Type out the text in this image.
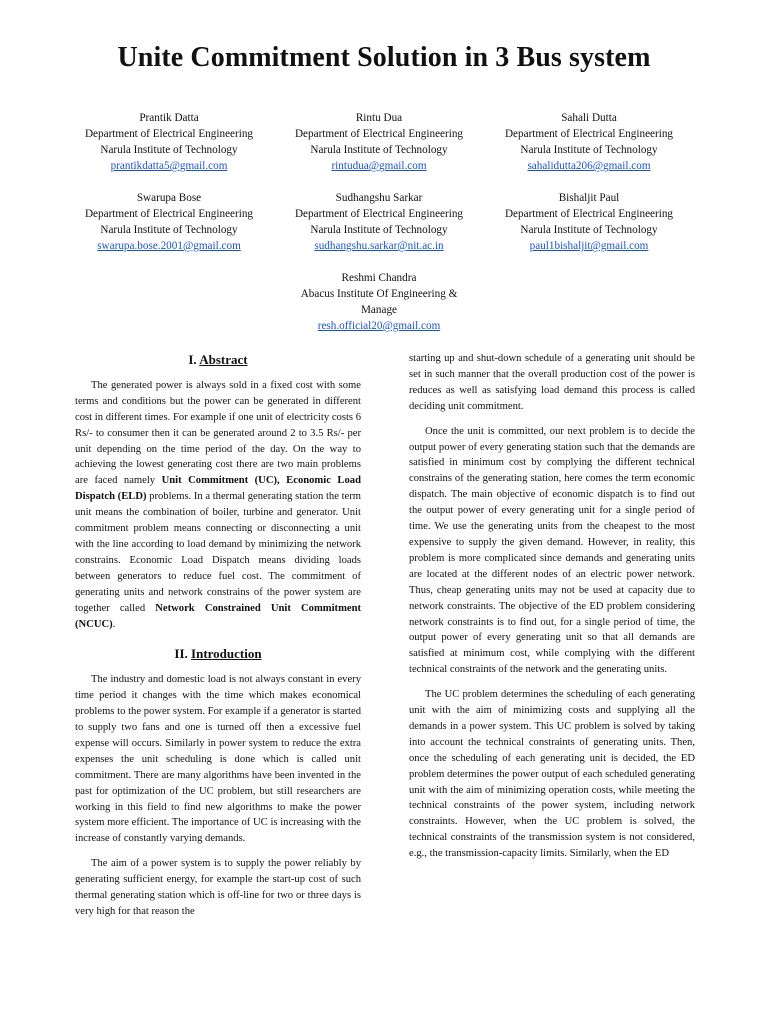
Unite Commitment Solution in 3 Bus system
Prantik Datta
Department of Electrical Engineering
Narula Institute of Technology
prantikdatta5@gmail.com
Rintu Dua
Department of Electrical Engineering
Narula Institute of Technology
rintudua@gmail.com
Sahali Dutta
Department of Electrical Engineering
Narula Institute of Technology
sahalidutta206@gmail.com
Swarupa Bose
Department of Electrical Engineering
Narula Institute of Technology
swarupa.bose.2001@gmail.com
Sudhangshu Sarkar
Department of Electrical Engineering
Narula Institute of Technology
sudhangshu.sarkar@nit.ac.in
Bishaljit Paul
Department of Electrical Engineering
Narula Institute of Technology
paul1bishaljit@gmail.com
Reshmi Chandra
Abacus Institute Of Engineering &
Manage
resh.official20@gmail.com
I. Abstract

The generated power is always sold in a fixed cost with some terms and conditions but the power can be generated in different cost in different times. For example if one unit of electricity costs 6 Rs/- to consumer then it can be generated around 2 to 3.5 Rs/- per unit depending on the time period of the day. On the way to achieving the lowest generating cost there are two main problems are faced namely Unit Commitment (UC), Economic Load Dispatch (ELD) problems. In a thermal generating station the term unit means the combination of boiler, turbine and generator. Unit commitment problem means connecting or disconnecting a unit with the line according to load demand by minimizing the network constrains. Economic Load Dispatch means dividing loads between generators to reduce fuel cost. The commitment of generating units and network constrains of the power system are together called Network Constrained Unit Commitment (NCUC).

II. Introduction

The industry and domestic load is not always constant in every time period it changes with the time which makes economical problems to the power system. For example if a generator is started to supply two fans and one is turned off then a excessive fuel expense will occurs. Similarly in power system to reduce the extra expenses the unit scheduling is done which is called unit commitment. There are many algorithms have been invented in the past for optimization of the UC problem, but still researchers are working in this field to find new algorithms to make the power system more efficient. The importance of UC is increasing with the increase of constantly varying demands.

The aim of a power system is to supply the power reliably by generating sufficient energy, for example the start-up cost of such thermal generating station which is off-line for two or three days is very high for that reason the

starting up and shut-down schedule of a generating unit should be set in such manner that the overall production cost of the power is reduces as well as satisfying load demand this process is called deciding unit commitment.

Once the unit is committed, our next problem is to decide the output power of every generating station such that the demands are satisfied in minimum cost by complying the different technical constrains of the generating station, here comes the term economic dispatch. The main objective of economic dispatch is to find out the output power of every generating unit for a single period of time. We use the generating units from the cheapest to the most expensive to supply the given demand. However, in reality, this problem is more complicated since demands and generating units are located at the different nodes of an electric power network. Thus, cheap generating units may not be used at capacity due to network constraints. The objective of the ED problem considering network constraints is to find out, for a single period of time, the output power of every generating unit so that all demands are satisfied at minimum cost, while complying with the different technical constraints of the network and the generating units.

The UC problem determines the scheduling of each generating unit with the aim of minimizing costs and supplying all the demands in a power system. This UC problem is solved by taking into account the technical constraints of generating units. Then, once the scheduling of each generating unit is decided, the ED problem determines the power output of each scheduled generating unit with the aim of minimizing operation costs, while meeting the technical constraints of the power system, including network constraints. However, when the UC problem is solved, the technical constraints of the transmission system is not considered, e.g., the transmission-capacity limits. Similarly, when the ED
